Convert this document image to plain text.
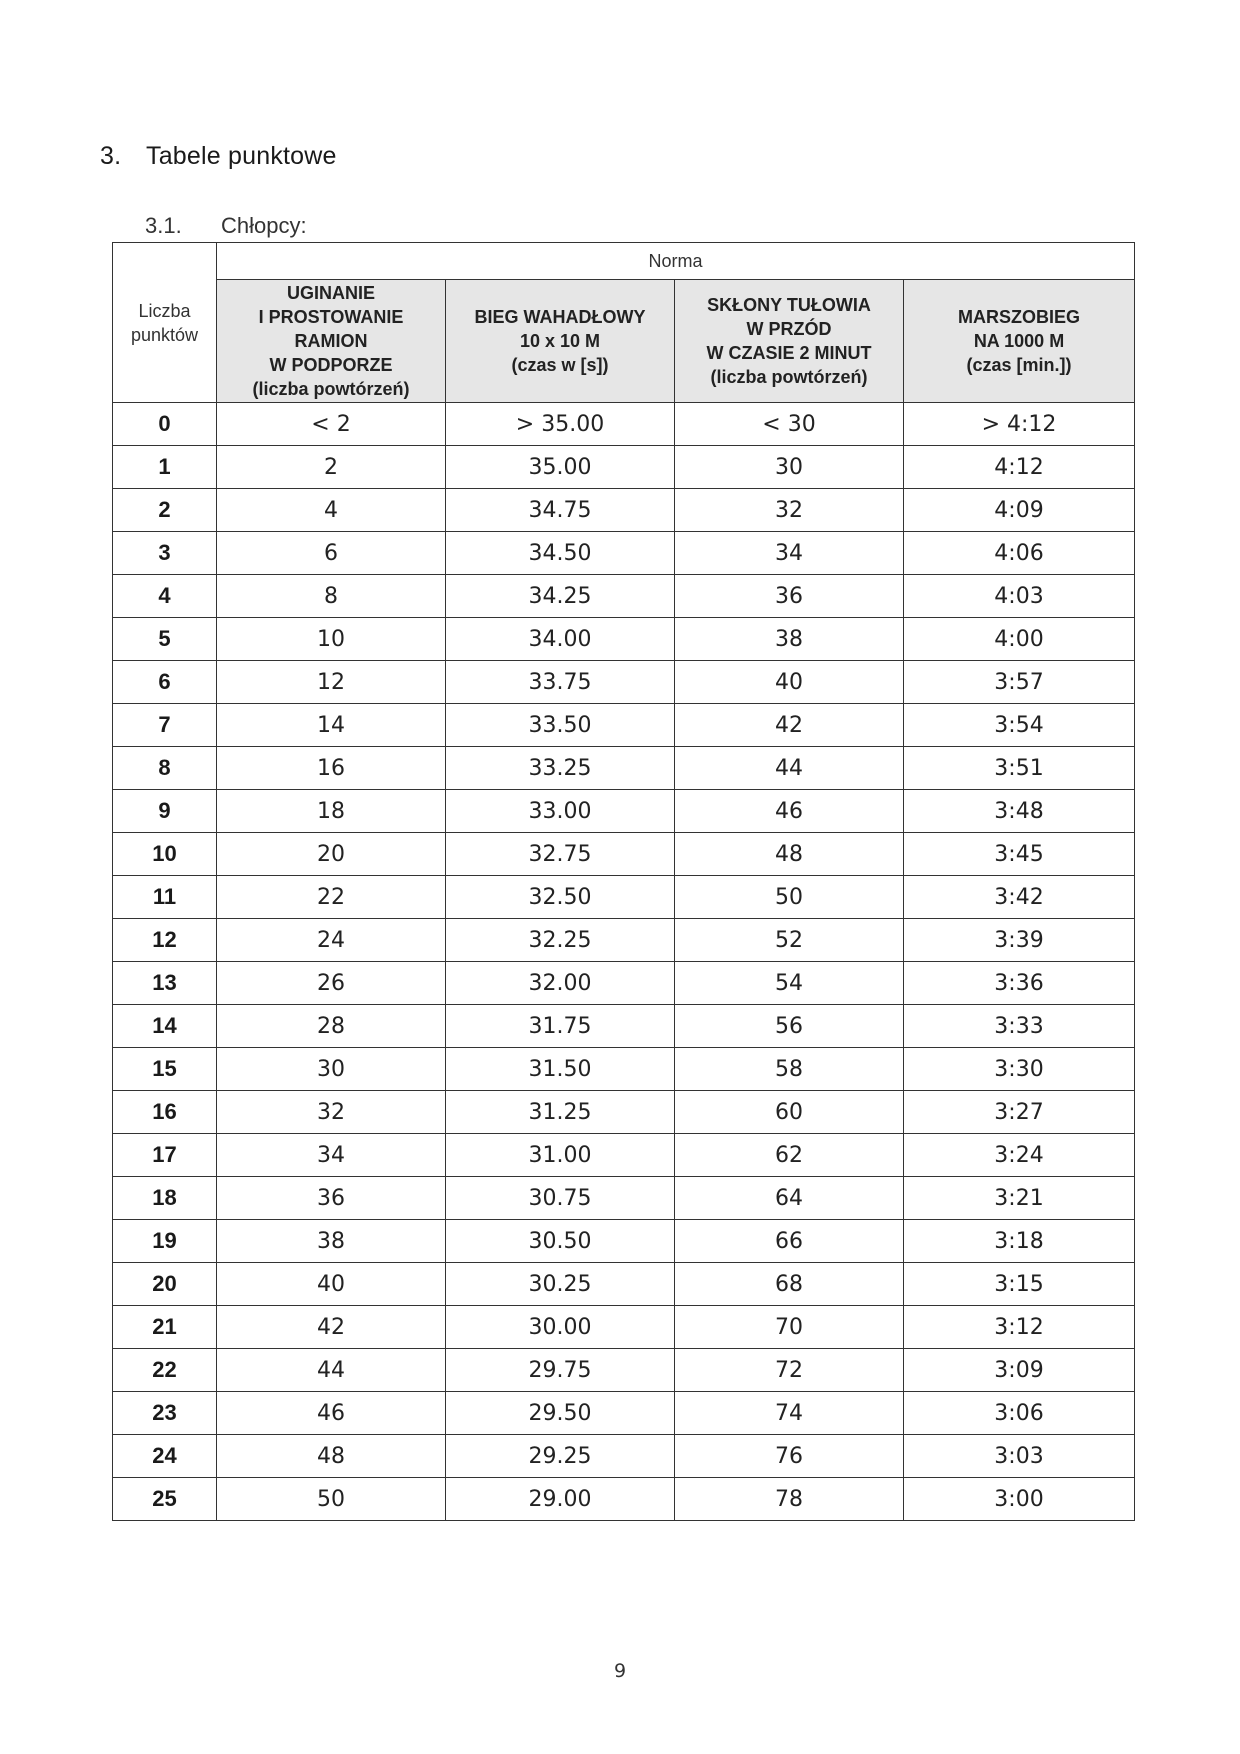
3. Tabele punktowe
3.1. Chłopcy:
Liczba
punktów	Norma			

	UGINANIE
I PROSTOWANIE
RAMION
W PODPORZE
(liczba powtórzeń)	BIEG WAHADŁOWY
10 x 10 M
(czas w [s])	SKŁONY TUŁOWIA
W PRZÓD
W CZASIE 2 MINUT
(liczba powtórzeń)	MARSZOBIEG
NA 1000 M
(czas [min.])

0	< 2	> 35.00	< 30	> 4:12
1	2	35.00	30	4:12
2	4	34.75	32	4:09
3	6	34.50	34	4:06
4	8	34.25	36	4:03
5	10	34.00	38	4:00
6	12	33.75	40	3:57
7	14	33.50	42	3:54
8	16	33.25	44	3:51
9	18	33.00	46	3:48
10	20	32.75	48	3:45
11	22	32.50	50	3:42
12	24	32.25	52	3:39
13	26	32.00	54	3:36
14	28	31.75	56	3:33
15	30	31.50	58	3:30
16	32	31.25	60	3:27
17	34	31.00	62	3:24
18	36	30.75	64	3:21
19	38	30.50	66	3:18
20	40	30.25	68	3:15
21	42	30.00	70	3:12
22	44	29.75	72	3:09
23	46	29.50	74	3:06
24	48	29.25	76	3:03
25	50	29.00	78	3:00
9
